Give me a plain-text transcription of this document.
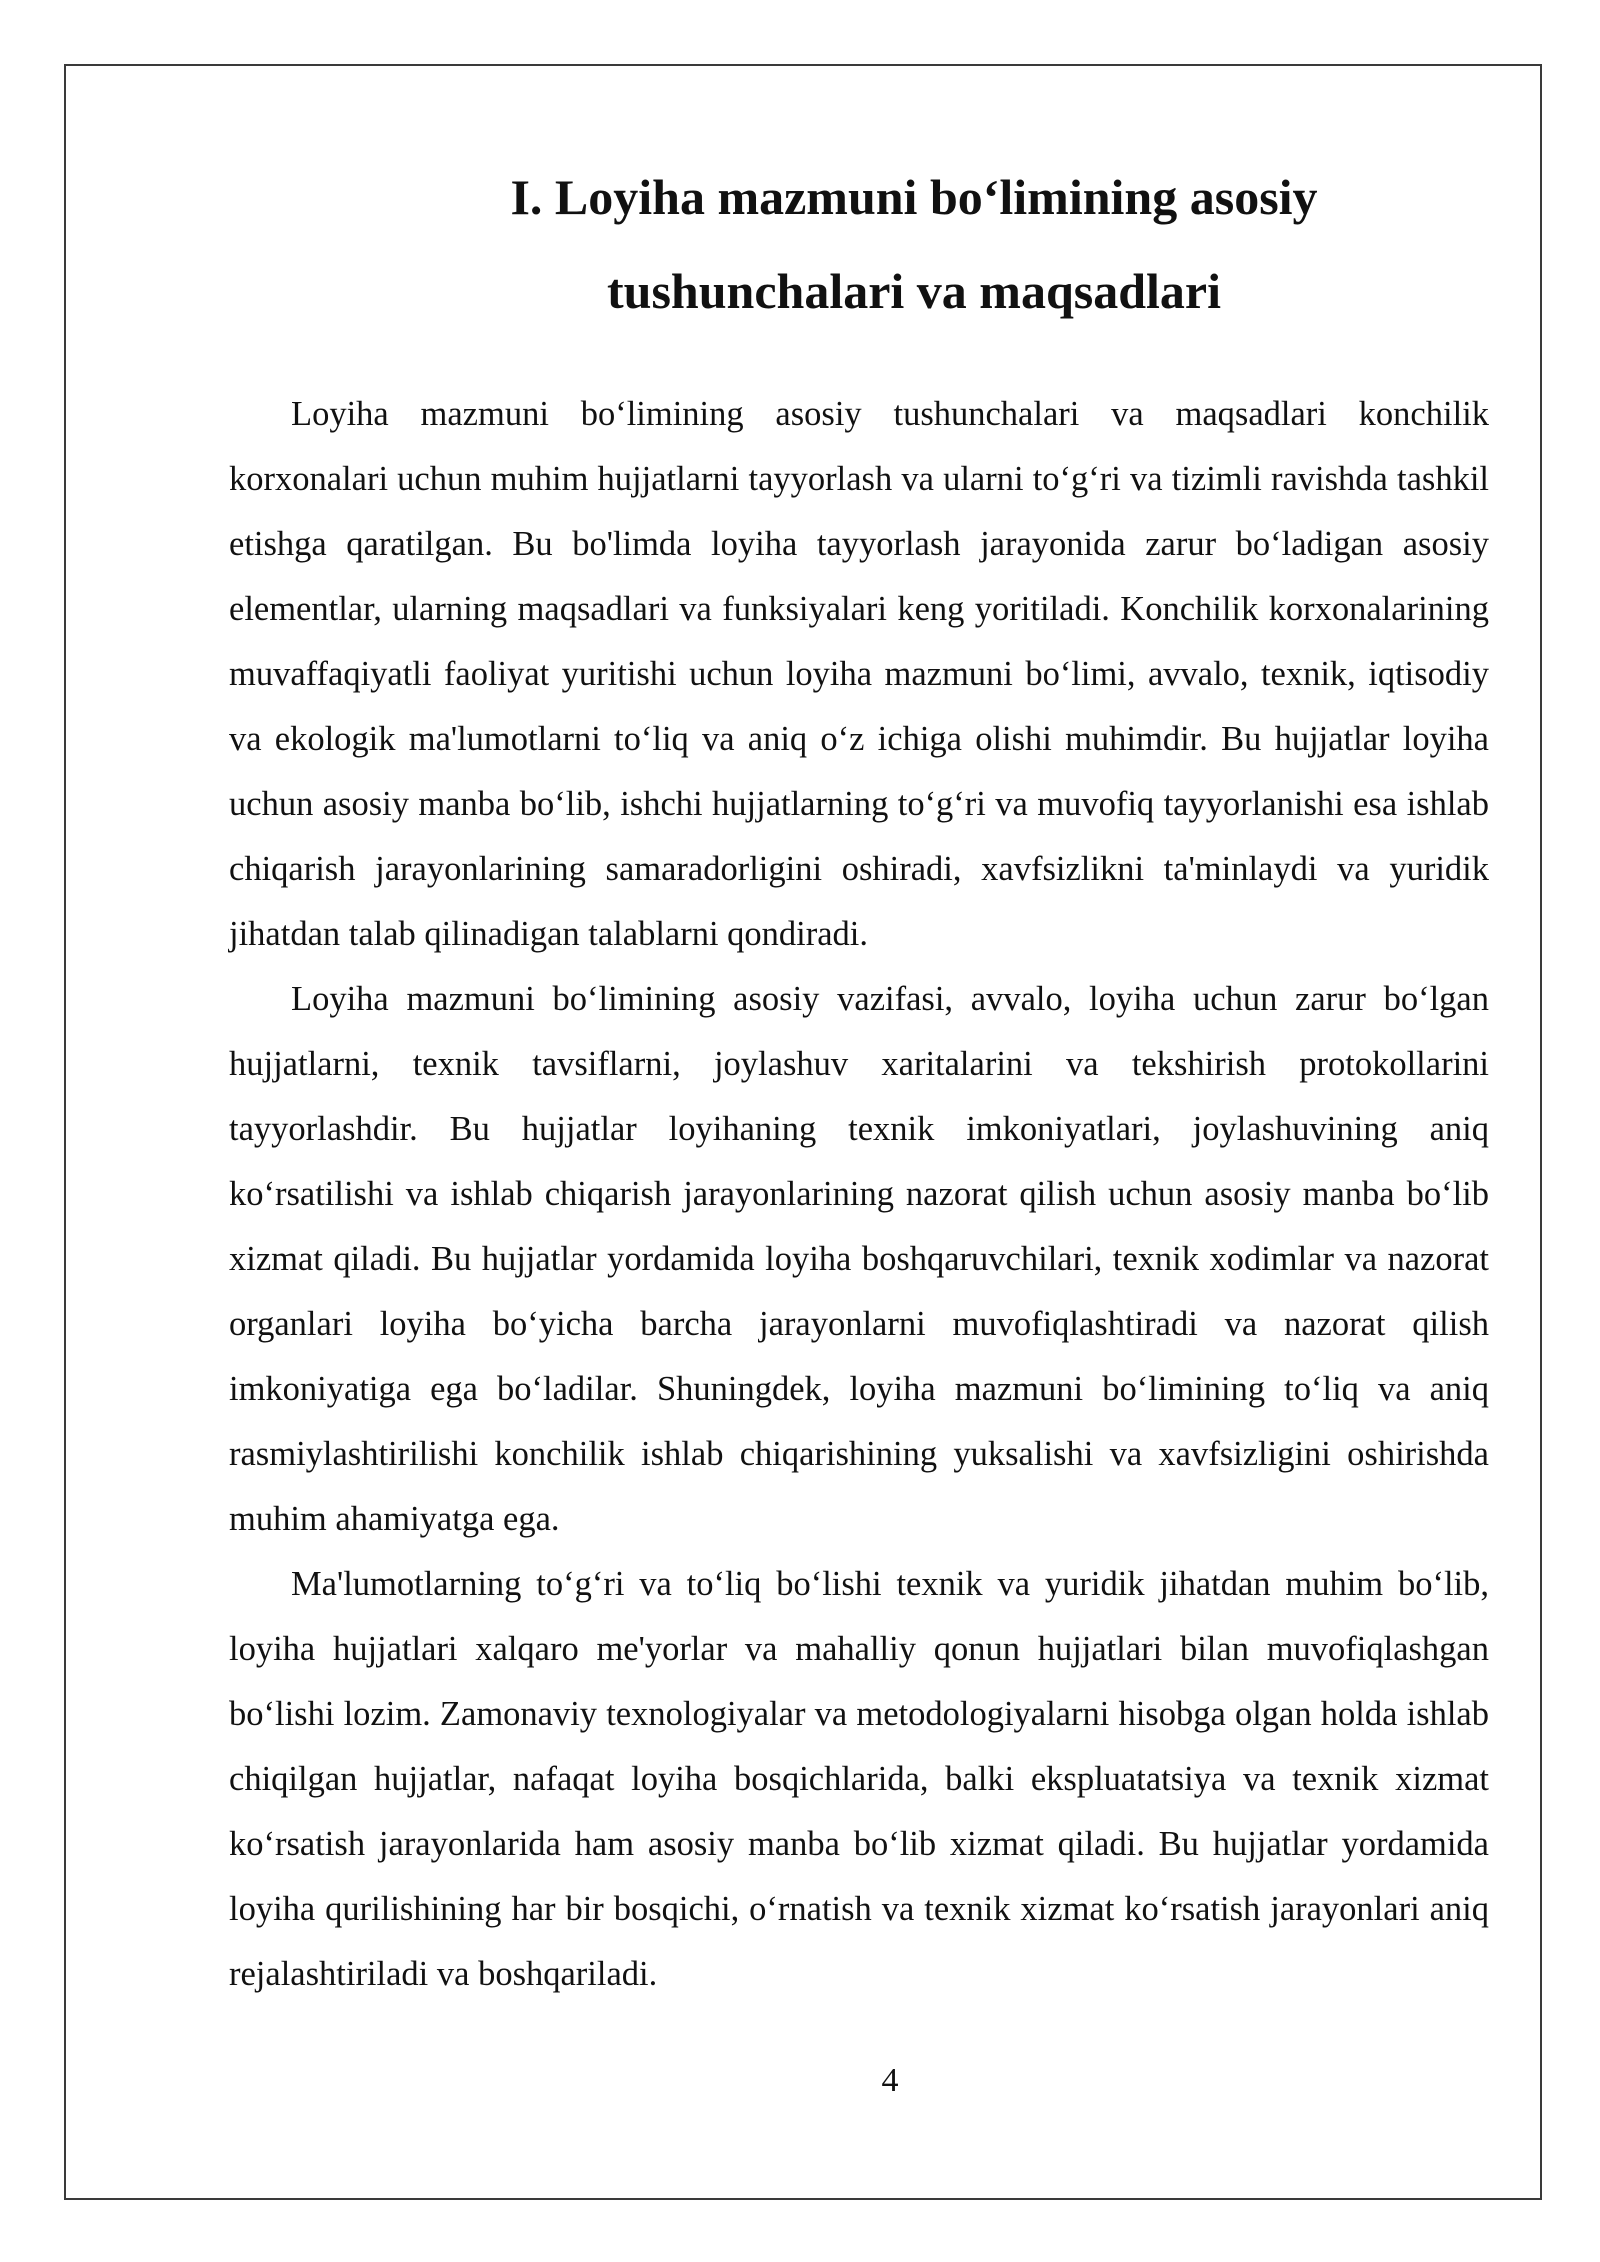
I. Loyiha mazmuni bo‘limining asosiy
tushunchalari va maqsadlari

Loyiha mazmuni bo‘limining asosiy tushunchalari va maqsadlari konchilik korxonalari uchun muhim hujjatlarni tayyorlash va ularni to‘g‘ri va tizimli ravishda tashkil etishga qaratilgan. Bu bo'limda loyiha tayyorlash jarayonida zarur bo‘ladigan asosiy elementlar, ularning maqsadlari va funksiyalari keng yoritiladi. Konchilik korxonalarining muvaffaqiyatli faoliyat yuritishi uchun loyiha mazmuni bo‘limi, avvalo, texnik, iqtisodiy va ekologik ma'lumotlarni to‘liq va aniq o‘z ichiga olishi muhimdir. Bu hujjatlar loyiha uchun asosiy manba bo‘lib, ishchi hujjatlarning to‘g‘ri va muvofiq tayyorlanishi esa ishlab chiqarish jarayonlarining samaradorligini oshiradi, xavfsizlikni ta'minlaydi va yuridik jihatdan talab qilinadigan talablarni qondiradi.

Loyiha mazmuni bo‘limining asosiy vazifasi, avvalo, loyiha uchun zarur bo‘lgan hujjatlarni, texnik tavsiflarni, joylashuv xaritalarini va tekshirish protokollarini tayyorlashdir. Bu hujjatlar loyihaning texnik imkoniyatlari, joylashuvining aniq ko‘rsatilishi va ishlab chiqarish jarayonlarining nazorat qilish uchun asosiy manba bo‘lib xizmat qiladi. Bu hujjatlar yordamida loyiha boshqaruvchilari, texnik xodimlar va nazorat organlari loyiha bo‘yicha barcha jarayonlarni muvofiqlashtiradi va nazorat qilish imkoniyatiga ega bo‘ladilar. Shuningdek, loyiha mazmuni bo‘limining to‘liq va aniq rasmiylashtirilishi konchilik ishlab chiqarishining yuksalishi va xavfsizligini oshirishda muhim ahamiyatga ega.

Ma'lumotlarning to‘g‘ri va to‘liq bo‘lishi texnik va yuridik jihatdan muhim bo‘lib, loyiha hujjatlari xalqaro me'yorlar va mahalliy qonun hujjatlari bilan muvofiqlashgan bo‘lishi lozim. Zamonaviy texnologiyalar va metodologiyalarni hisobga olgan holda ishlab chiqilgan hujjatlar, nafaqat loyiha bosqichlarida, balki ekspluatatsiya va texnik xizmat ko‘rsatish jarayonlarida ham asosiy manba bo‘lib xizmat qiladi. Bu hujjatlar yordamida loyiha qurilishining har bir bosqichi, o‘rnatish va texnik xizmat ko‘rsatish jarayonlari aniq rejalashtiriladi va boshqariladi.

4
